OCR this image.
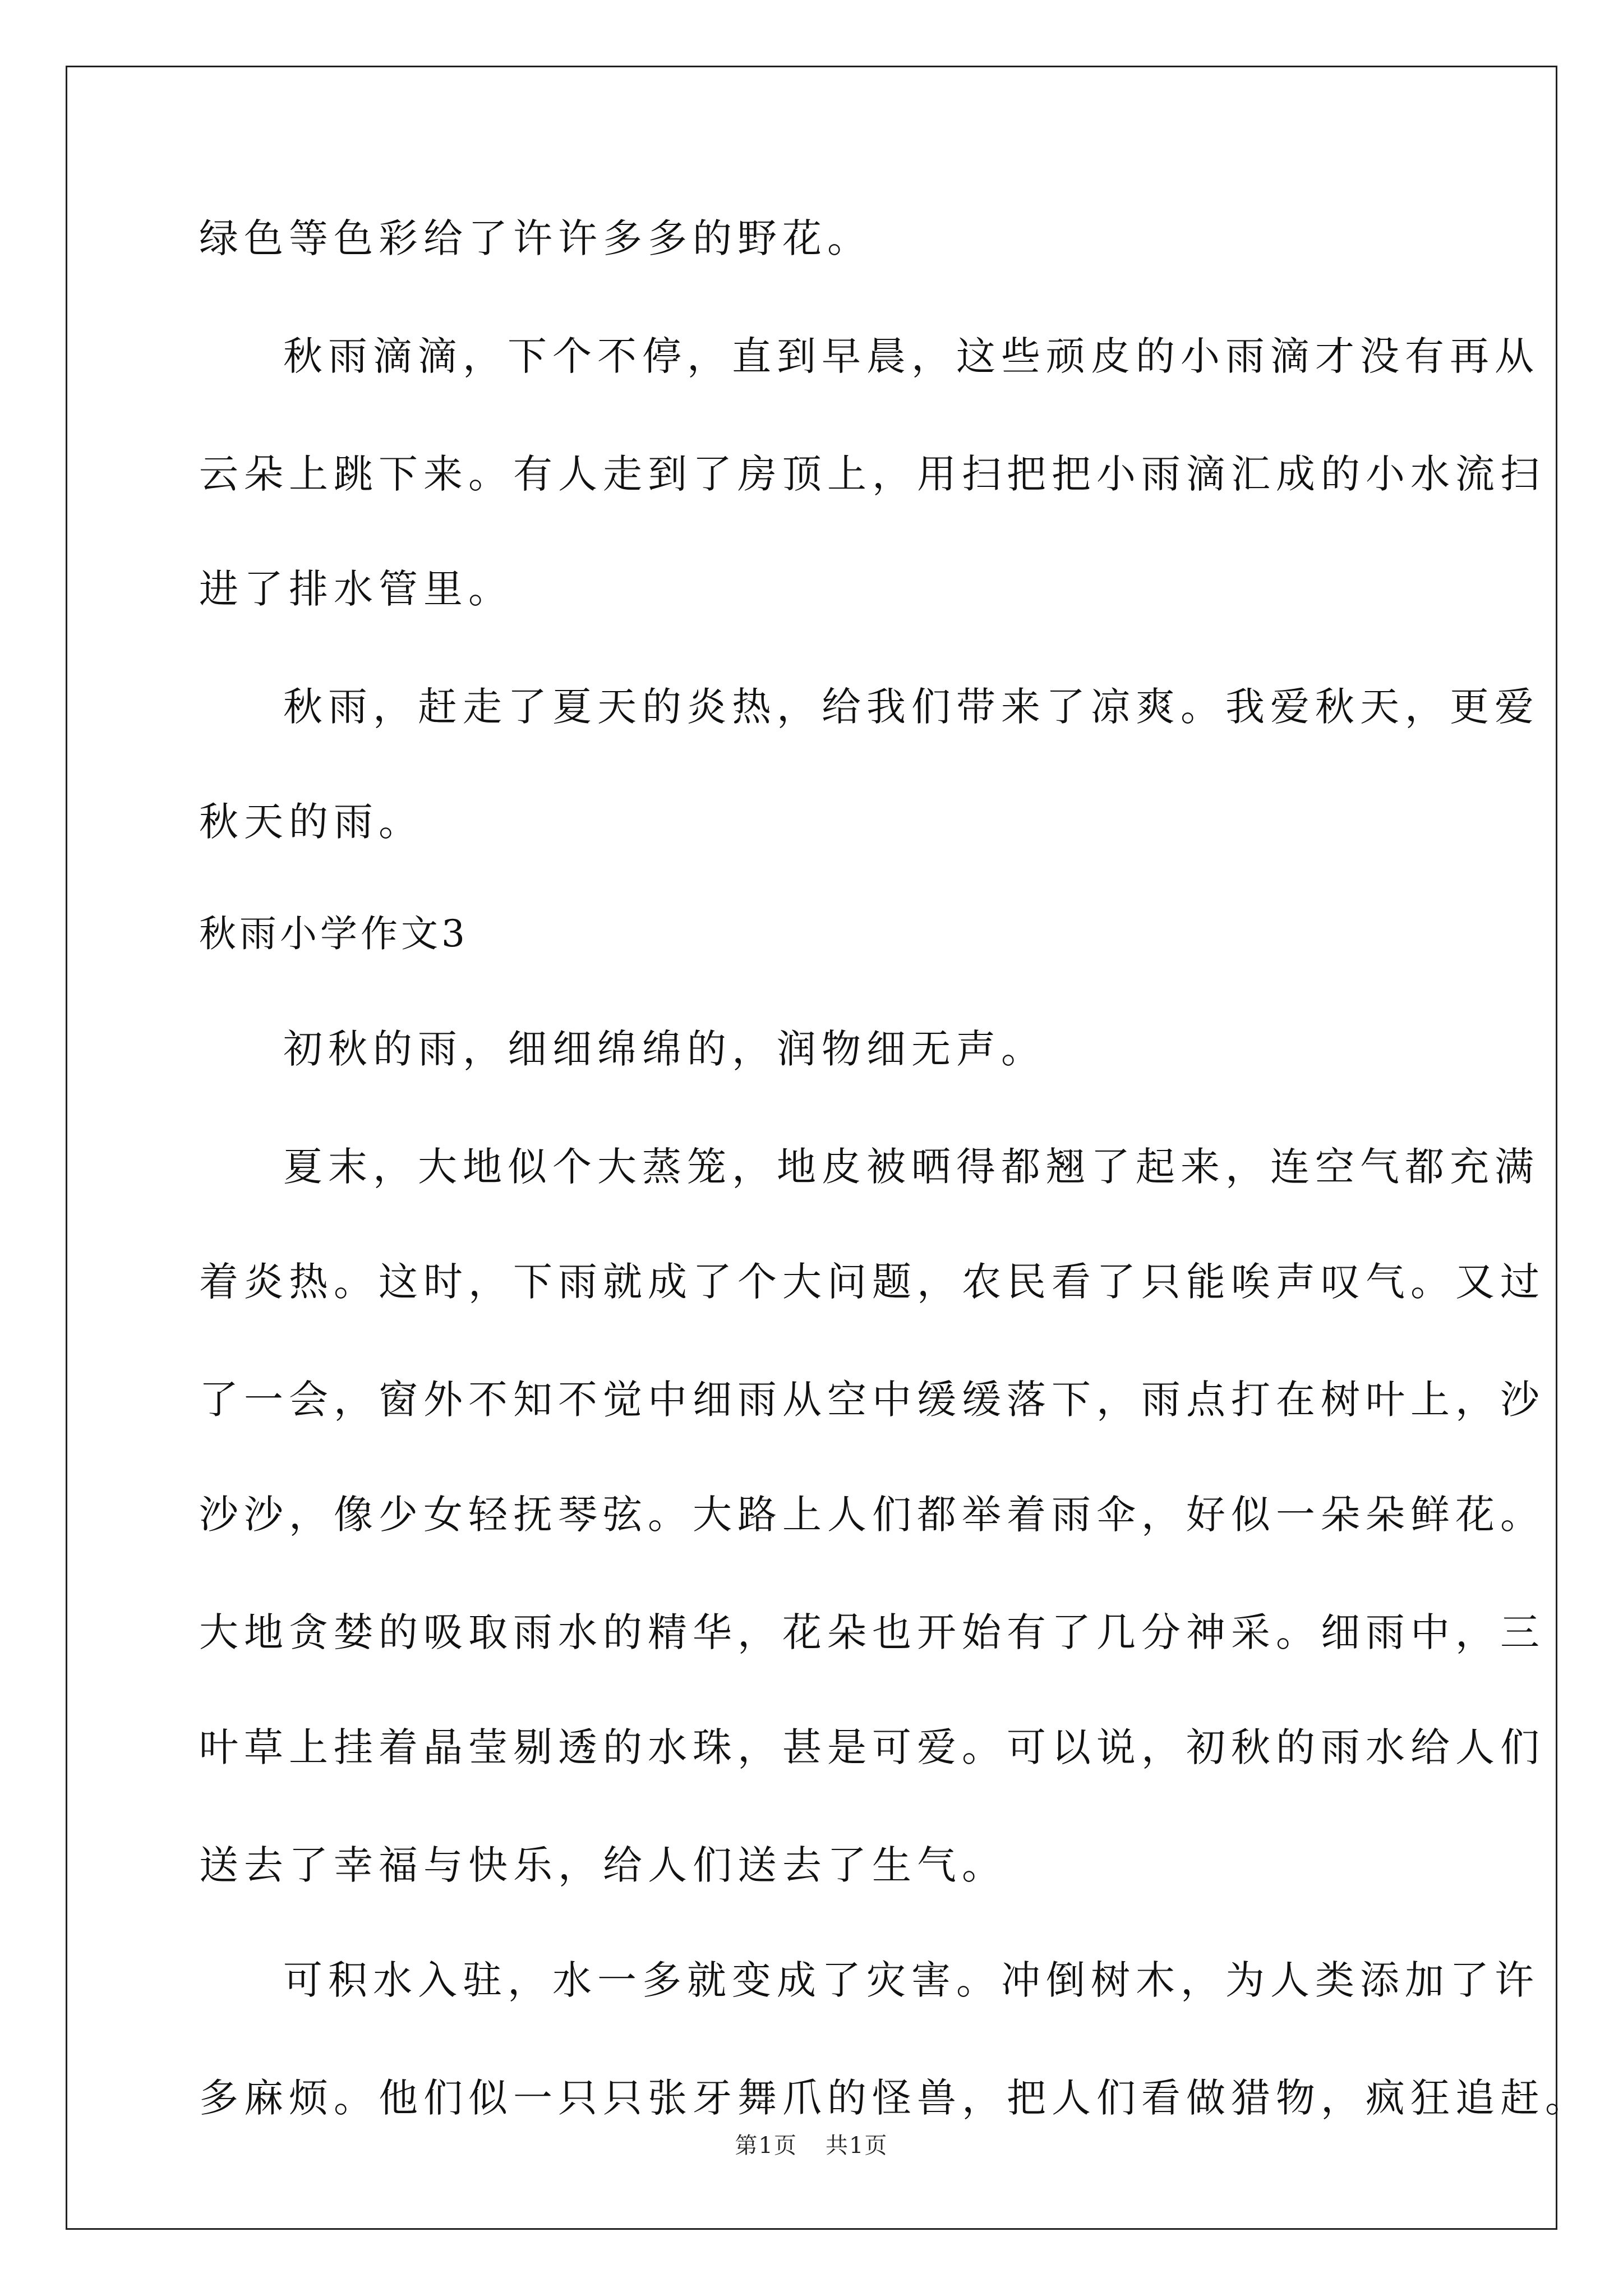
绿色等色彩给了许许多多的野花。
秋雨滴滴，下个不停，直到早晨，这些顽皮的小雨滴才没有再从
云朵上跳下来。有人走到了房顶上，用扫把把小雨滴汇成的小水流扫
进了排水管里。
秋雨，赶走了夏天的炎热，给我们带来了凉爽。我爱秋天，更爱
秋天的雨。
秋雨小学作文3
初秋的雨，细细绵绵的，润物细无声。
夏末，大地似个大蒸笼，地皮被晒得都翘了起来，连空气都充满
着炎热。这时，下雨就成了个大问题，农民看了只能唉声叹气。又过
了一会，窗外不知不觉中细雨从空中缓缓落下，雨点打在树叶上，沙
沙沙，像少女轻抚琴弦。大路上人们都举着雨伞，好似一朵朵鲜花。
大地贪婪的吸取雨水的精华，花朵也开始有了几分神采。细雨中，三
叶草上挂着晶莹剔透的水珠，甚是可爱。可以说，初秋的雨水给人们
送去了幸福与快乐，给人们送去了生气。
可积水入驻，水一多就变成了灾害。冲倒树木，为人类添加了许
多麻烦。他们似一只只张牙舞爪的怪兽，把人们看做猎物，疯狂追赶。
第1页 共1页
